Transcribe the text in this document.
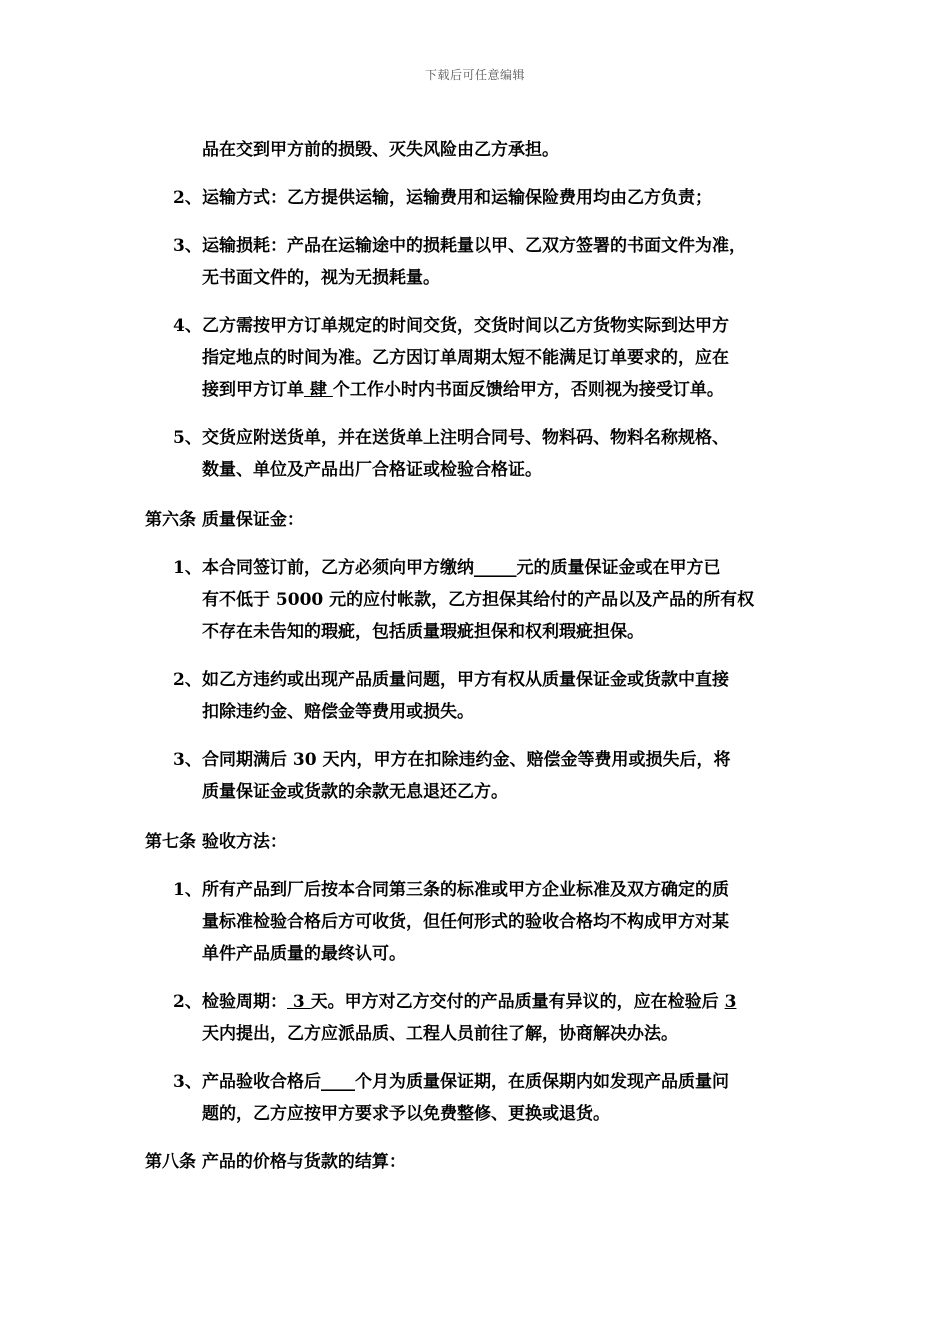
下载后可任意编辑

品在交到甲方前的损毁、灭失风险由乙方承担。

2、 运输方式：乙方提供运输，运输费用和运输保险费用均由乙方负责；
3、 运输损耗：产品在运输途中的损耗量以甲、乙双方签署的书面文件为准，
无书面文件的，视为无损耗量。
4、 乙方需按甲方订单规定的时间交货，交货时间以乙方货物实际到达甲方
指定地点的时间为准。乙方因订单周期太短不能满足订单要求的，应在
接到甲方订单 肆 个工作小时内书面反馈给甲方，否则视为接受订单。
5、 交货应附送货单，并在送货单上注明合同号、物料码、物料名称规格、
数量、单位及产品出厂合格证或检验合格证。

第六条 质量保证金：

1、 本合同签订前，乙方必须向甲方缴纳_____元的质量保证金或在甲方已
有不低于 5000 元的应付帐款，乙方担保其给付的产品以及产品的所有权
不存在未告知的瑕疵，包括质量瑕疵担保和权利瑕疵担保。
2、 如乙方违约或出现产品质量问题，甲方有权从质量保证金或货款中直接
扣除违约金、赔偿金等费用或损失。
3、 合同期满后 30 天内，甲方在扣除违约金、赔偿金等费用或损失后，将
质量保证金或货款的余款无息退还乙方。

第七条 验收方法：

1、 所有产品到厂后按本合同第三条的标准或甲方企业标准及双方确定的质
量标准检验合格后方可收货，但任何形式的验收合格均不构成甲方对某
单件产品质量的最终认可。
2、 检验周期： 3 天。甲方对乙方交付的产品质量有异议的，应在检验后 3
天内提出，乙方应派品质、工程人员前往了解，协商解决办法。
3、 产品验收合格后____个月为质量保证期，在质保期内如发现产品质量问
题的，乙方应按甲方要求予以免费整修、更换或退货。

第八条 产品的价格与货款的结算：
